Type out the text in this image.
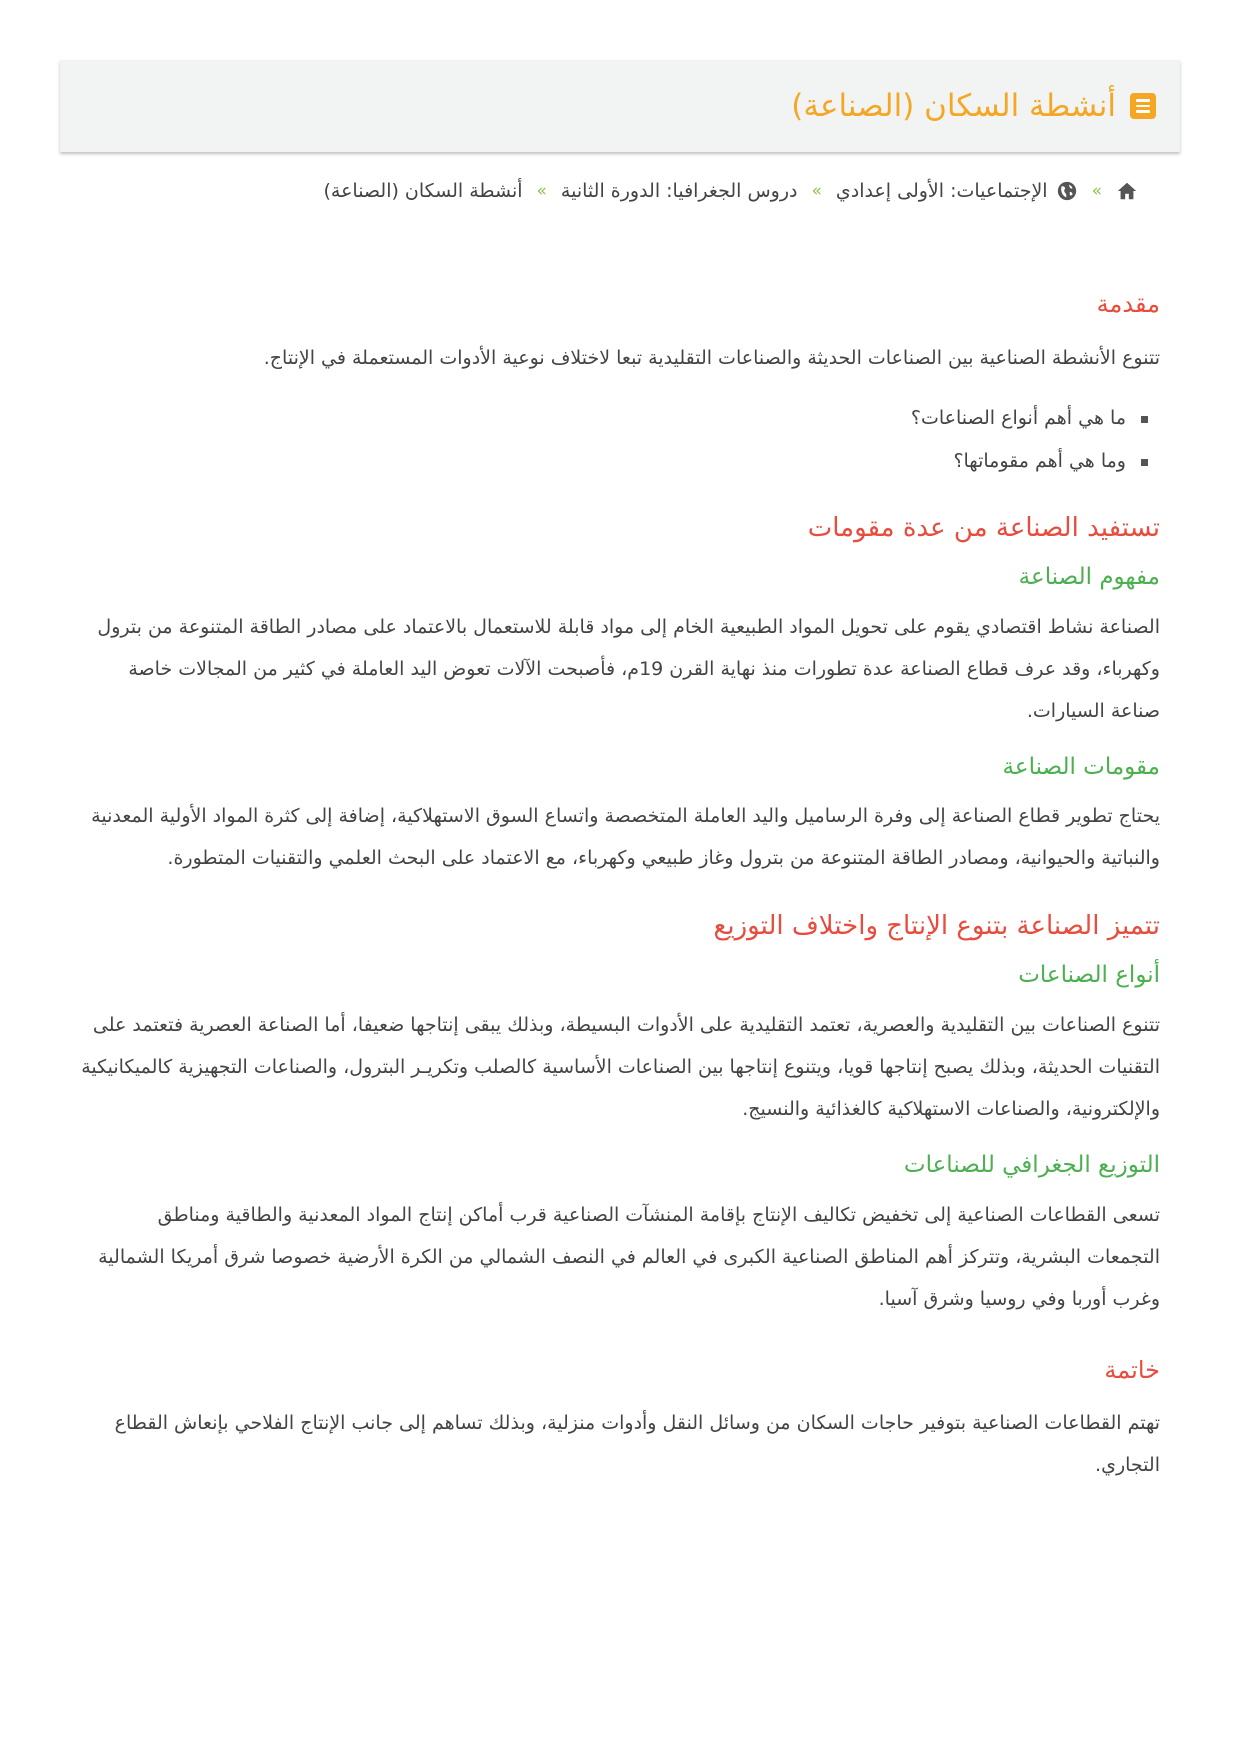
أنشطة السكان (الصناعة)
»
الإجتماعيات: الأولى إعدادي
»
دروس الجغرافيا: الدورة الثانية
»
أنشطة السكان (الصناعة)
مقدمة

تتنوع الأنشطة الصناعية بين الصناعات الحديثة والصناعات التقليدية تبعا لاختلاف نوعية الأدوات المستعملة في الإنتاج.

ما هي أهم أنواع الصناعات؟
وما هي أهم مقوماتها؟
تستفيد الصناعة من عدة مقومات
مفهوم الصناعة

الصناعة نشاط اقتصادي يقوم على تحويل المواد الطبيعية الخام إلى مواد قابلة للاستعمال بالاعتماد على مصادر الطاقة المتنوعة من بترول وكهرباء، وقد عرف قطاع الصناعة عدة تطورات منذ نهاية القرن 19م، فأصبحت الآلات تعوض اليد العاملة في كثير من المجالات خاصة صناعة السيارات.

مقومات الصناعة

يحتاج تطوير قطاع الصناعة إلى وفرة الرساميل واليد العاملة المتخصصة واتساع السوق الاستهلاكية، إضافة إلى كثرة المواد الأولية المعدنية والنباتية والحيوانية، ومصادر الطاقة المتنوعة من بترول وغاز طبيعي وكهرباء، مع الاعتماد على البحث العلمي والتقنيات المتطورة.

تتميز الصناعة بتنوع الإنتاج واختلاف التوزيع
أنواع الصناعات

تتنوع الصناعات بين التقليدية والعصرية، تعتمد التقليدية على الأدوات البسيطة، وبذلك يبقى إنتاجها ضعيفا، أما الصناعة العصرية فتعتمد على التقنيات الحديثة، وبذلك يصبح إنتاجها قويا، ويتنوع إنتاجها بين الصناعات الأساسية كالصلب وتكريـر البترول، والصناعات التجهيزية كالميكانيكية والإلكترونية، والصناعات الاستهلاكية كالغذائية والنسيج.

التوزيع الجغرافي للصناعات

تسعى القطاعات الصناعية إلى تخفيض تكاليف الإنتاج بإقامة المنشآت الصناعية قرب أماكن إنتاج المواد المعدنية والطاقية ومناطق التجمعات البشرية، وتتركز أهم المناطق الصناعية الكبرى في العالم في النصف الشمالي من الكرة الأرضية خصوصا شرق أمريكا الشمالية وغرب أوربا وفي روسيا وشرق آسيا.

خاتمة

تهتم القطاعات الصناعية بتوفير حاجات السكان من وسائل النقل وأدوات منزلية، وبذلك تساهم إلى جانب الإنتاج الفلاحي بإنعاش القطاع التجاري.
